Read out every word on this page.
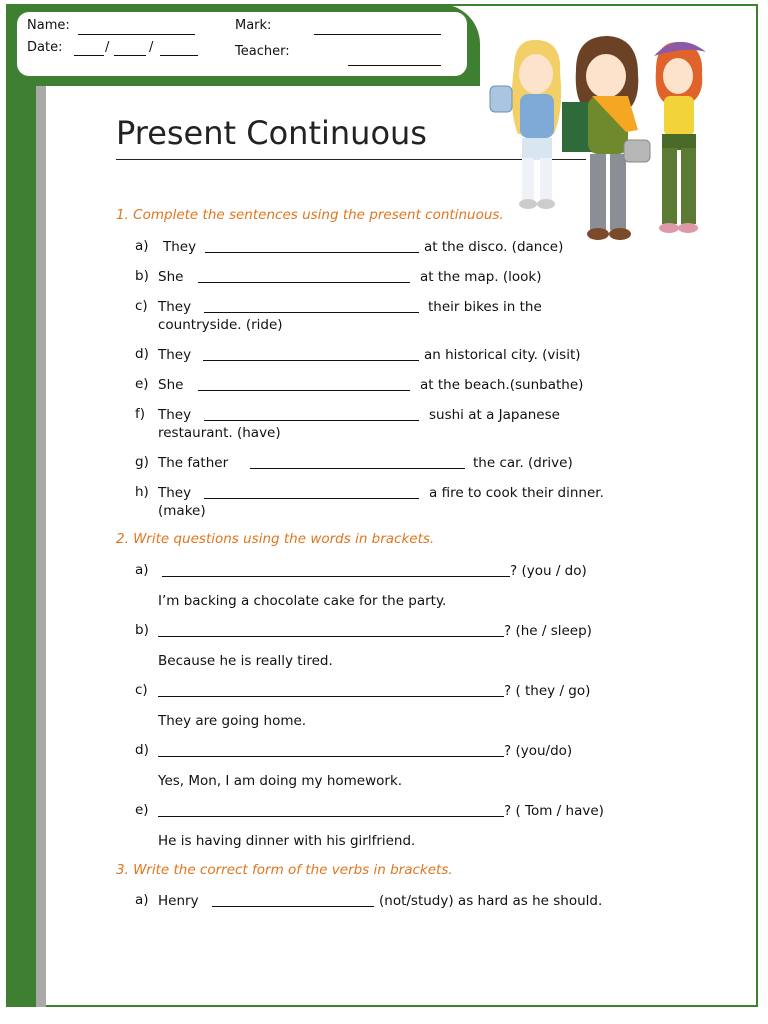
Name:
Date:	/	/
Mark:
Teacher:
Present Continuous
1. Complete the sentences using the present continuous.
2. Write questions using the words in brackets.
3. Write the correct form of the verbs in brackets.
a) They	at the disco. (dance)
b) She	at the map. (look)
c) They	their bikes in the
countryside. (ride)
d) They	an historical city. (visit)
e) She	at the beach.(sunbathe)
f) They	sushi at a Japanese
restaurant. (have)
g) The father	the car. (drive)
h) They	a fire to cook their dinner.
(make)
a)	? (you / do)
I’m backing a chocolate cake for the party.
b)	? (he / sleep)
Because he is really tired.
c)	? ( they / go)
They are going home.
d)	? (you/do)
Yes, Mon, I am doing my homework.
e)	? ( Tom / have)
He is having dinner with his girlfriend.
a) Henry	(not/study) as hard as he should.
